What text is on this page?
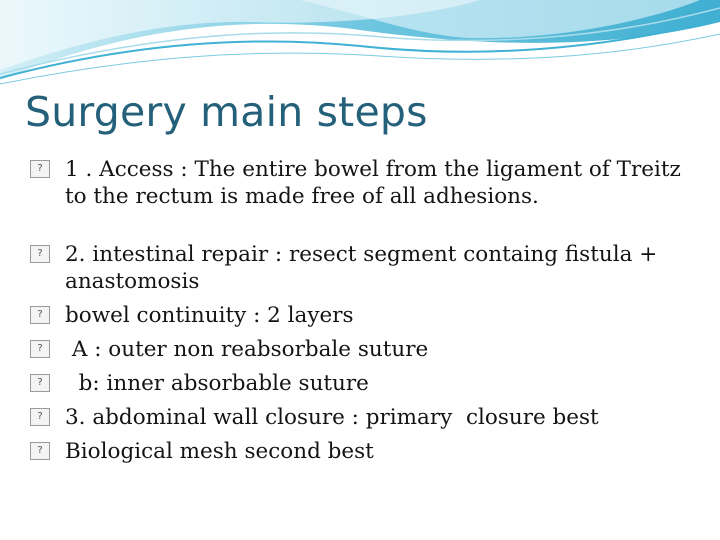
Surgery main steps
?	1 . Access : The entire bowel from the ligament of Treitz to the rectum is made free of all adhesions.
?	2. intestinal repair : resect segment containg fistula + anastomosis
?	bowel continuity : 2 layers
?	A : outer non reabsorbale suture
?	b: inner absorbable suture
?	3. abdominal wall closure : primary  closure best
?	Biological mesh second best
